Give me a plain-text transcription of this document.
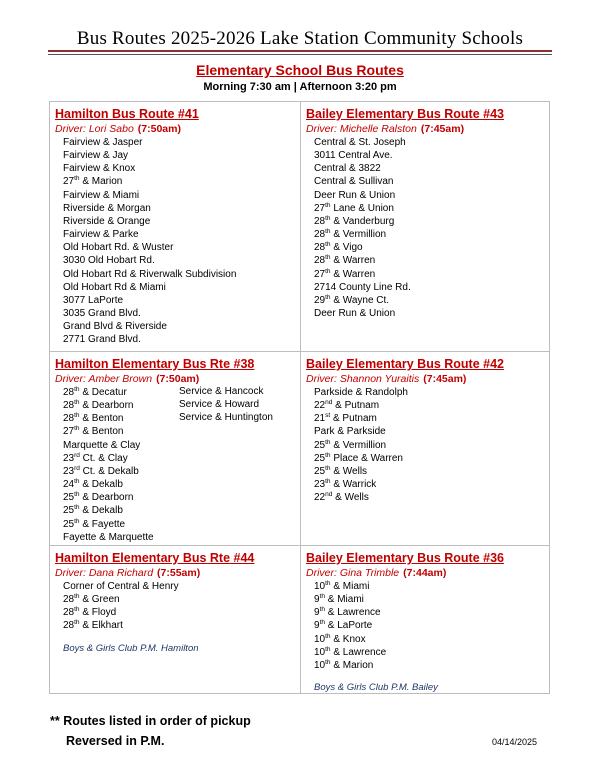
Bus Routes 2025-2026 Lake Station Community Schools
Elementary School Bus Routes
Morning 7:30 am | Afternoon 3:20 pm
Hamilton Bus Route #41
Driver: Lori Sabo (7:50am)
Fairview & Jasper
Fairview & Jay
Fairview & Knox
27th & Marion
Fairview & Miami
Riverside & Morgan
Riverside & Orange
Fairview & Parke
Old Hobart Rd. & Wuster
3030 Old Hobart Rd.
Old Hobart Rd & Riverwalk Subdivision
Old Hobart Rd & Miami
3077 LaPorte
3035 Grand Blvd.
Grand Blvd & Riverside
2771 Grand Blvd.
Bailey Elementary Bus Route #43
Driver: Michelle Ralston (7:45am)
Central & St. Joseph
3011 Central Ave.
Central & 3822
Central & Sullivan
Deer Run & Union
27th Lane & Union
28th & Vanderburg
28th & Vermillion
28th & Vigo
28th & Warren
27th & Warren
2714 County Line Rd.
29th & Wayne Ct.
Deer Run & Union
Hamilton Elementary Bus Rte #38
Driver: Amber Brown (7:50am)
28th & Decatur
28th & Dearborn
28th & Benton
27th & Benton
Marquette & Clay
23rd Ct. & Clay
23rd Ct. & Dekalb
24th & Dekalb
25th & Dearborn
25th & Dekalb
25th & Fayette
Fayette & Marquette
Service & Hancock
Service & Howard
Service & Huntington
Bailey Elementary Bus Route #42
Driver: Shannon Yuraitis (7:45am)
Parkside & Randolph
22nd & Putnam
21st & Putnam
Park & Parkside
25th & Vermillion
25th Place & Warren
25th & Wells
23th & Warrick
22nd & Wells
Hamilton Elementary Bus Rte #44
Driver: Dana Richard (7:55am)
Corner of Central & Henry
28th & Green
28th & Floyd
28th & Elkhart
Boys & Girls Club P.M. Hamilton
Bailey Elementary Bus Route #36
Driver: Gina Trimble (7:44am)
10th & Miami
9th & Miami
9th & Lawrence
9th & LaPorte
10th & Knox
10th & Lawrence
10th & Marion
Boys & Girls Club P.M. Bailey
** Routes listed in order of pickup
Reversed in P.M.	04/14/2025
